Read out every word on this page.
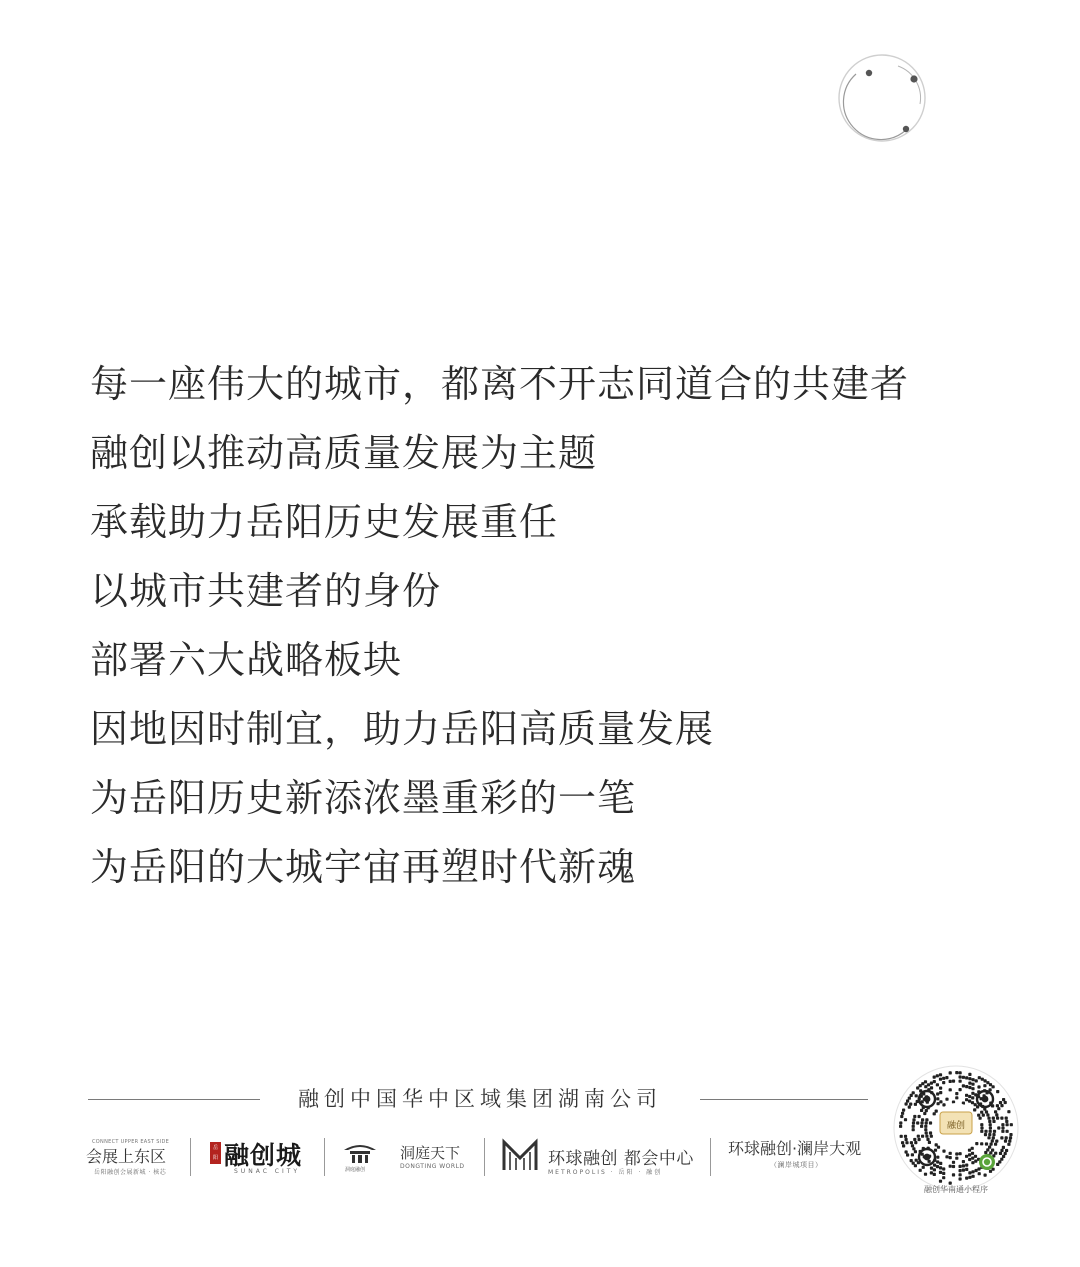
每一座伟大的城市，都离不开志同道合的共建者
融创以推动高质量发展为主题
承载助力岳阳历史发展重任
以城市共建者的身份
部署六大战略板块
因地因时制宜，助力岳阳高质量发展
为岳阳历史新添浓墨重彩的一笔
为岳阳的大城宇宙再塑时代新魂
融创中国华中区域集团湖南公司
CONNECT UPPER EAST SIDE
会展上东区
岳阳融创会展新城 · 核芯
岳阳 融创城
SUNAC CITY	洞庭融创
洞庭天下
DONGTING WORLD	环球融创 都会中心
METROPOLIS · 岳阳 · 融创
环球融创·澜岸大观
（澜岸城项目）
融创
融创华南通小程序
